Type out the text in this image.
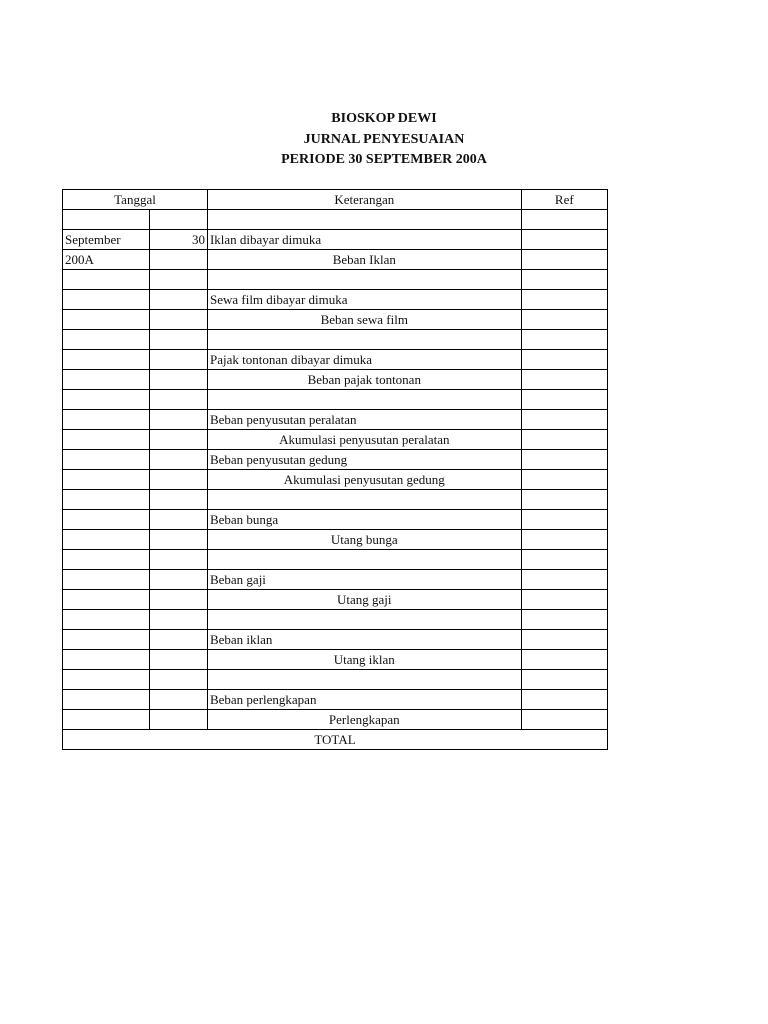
BIOSKOP DEWI
JURNAL PENYESUAIAN
PERIODE 30 SEPTEMBER 200A
Tanggal		Keterangan	Ref

September	30	Iklan dibayar dimuka	
200A		Beban Iklan	

		Sewa film dibayar dimuka	
		Beban sewa film	

		Pajak tontonan dibayar dimuka	
		Beban pajak tontonan	

		Beban penyusutan peralatan	
		Akumulasi penyusutan peralatan	
		Beban penyusutan gedung	
		Akumulasi penyusutan gedung	

		Beban bunga	
		Utang bunga	

		Beban gaji	
		Utang gaji	

		Beban iklan	
		Utang iklan	

		Beban perlengkapan	
		Perlengkapan	
TOTAL			
